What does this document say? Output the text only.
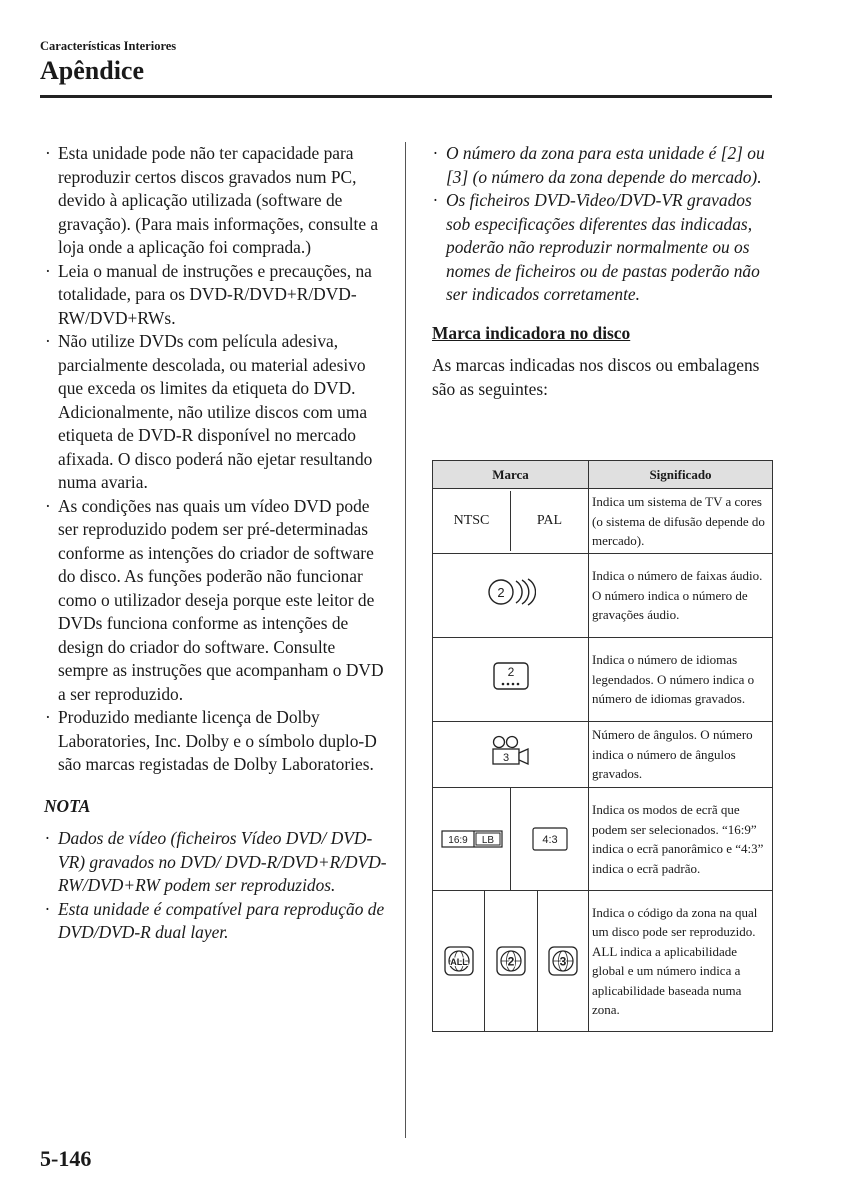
Características Interiores
Apêndice
· Esta unidade pode não ter capacidade para reproduzir certos discos gravados num PC, devido à aplicação utilizada (software de gravação). (Para mais informações, consulte a loja onde a aplicação foi comprada.)
· Leia o manual de instruções e precauções, na totalidade, para os DVD-R/DVD+R/DVD-RW/DVD+RWs.
· Não utilize DVDs com película adesiva, parcialmente descolada, ou material adesivo que exceda os limites da etiqueta do DVD. Adicionalmente, não utilize discos com uma etiqueta de DVD-R disponível no mercado afixada. O disco poderá não ejetar resultando numa avaria.
· As condições nas quais um vídeo DVD pode ser reproduzido podem ser pré-determinadas conforme as intenções do criador de software do disco. As funções poderão não funcionar como o utilizador deseja porque este leitor de DVDs funciona conforme as intenções de design do criador do software. Consulte sempre as instruções que acompanham o DVD a ser reproduzido.
· Produzido mediante licença de Dolby Laboratories, Inc. Dolby e o símbolo duplo-D são marcas registadas de Dolby Laboratories.
NOTA
· Dados de vídeo (ficheiros Vídeo DVD/ DVD-VR) gravados no DVD/ DVD-R/DVD+R/DVD-RW/DVD+RW podem ser reproduzidos.
· Esta unidade é compatível para reprodução de DVD/DVD-R dual layer.
· O número da zona para esta unidade é [2] ou [3] (o número da zona depende do mercado).
· Os ficheiros DVD-Video/DVD-VR gravados sob especificações diferentes das indicadas, poderão não reproduzir normalmente ou os nomes de ficheiros ou de pastas poderão não ser indicados corretamente.
Marca indicadora no disco
As marcas indicadas nos discos ou embalagens são as seguintes:
Marca	Significado

NTSC PAL	Indica um sistema de TV a cores (o sistema de difusão depende do mercado).

2	Indica o número de faixas áudio. O número indica o número de gravações áudio.

2	Indica o número de idiomas legendados. O número indica o número de idiomas gravados.

3	Número de ângulos. O número indica o número de ângulos gravados.

16:9 LB 4:3	Indica os modos de ecrã que podem ser selecionados. “16:9” indica o ecrã panorâmico e “4:3” indica o ecrã padrão.

ALL 2 3	Indica o código da zona na qual um disco pode ser reproduzido. ALL indica a aplicabilidade global e um número indica a aplicabilidade baseada numa zona.
5-146
